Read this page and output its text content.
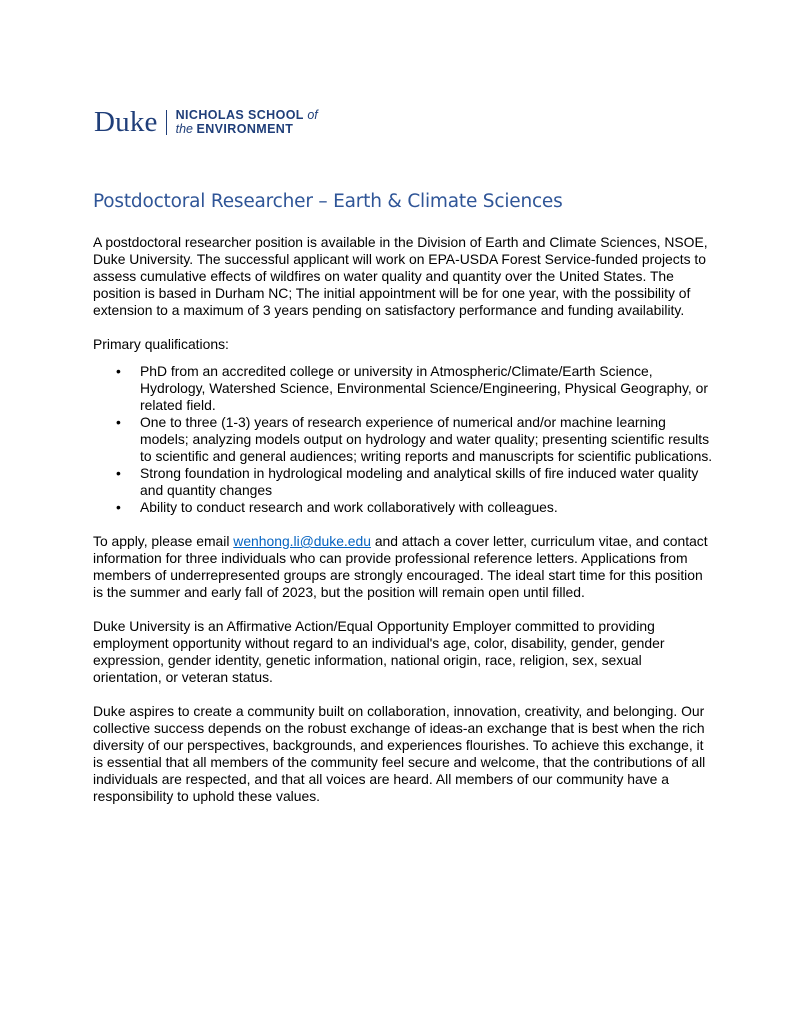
Duke NICHOLAS SCHOOL of
the ENVIRONMENT
Postdoctoral Researcher – Earth & Climate Sciences

A postdoctoral researcher position is available in the Division of Earth and Climate Sciences, NSOE, Duke University. The successful applicant will work on EPA-USDA Forest Service-funded projects to assess cumulative effects of wildfires on water quality and quantity over the United States. The position is based in Durham NC; The initial appointment will be for one year, with the possibility of extension to a maximum of 3 years pending on satisfactory performance and funding availability.

Primary qualifications:

• PhD from an accredited college or university in Atmospheric/Climate/Earth Science, Hydrology, Watershed Science, Environmental Science/Engineering, Physical Geography, or related field.
• One to three (1-3) years of research experience of numerical and/or machine learning models; analyzing models output on hydrology and water quality; presenting scientific results to scientific and general audiences; writing reports and manuscripts for scientific publications.
• Strong foundation in hydrological modeling and analytical skills of fire induced water quality and quantity changes
• Ability to conduct research and work collaboratively with colleagues.

To apply, please email wenhong.li@duke.edu and attach a cover letter, curriculum vitae, and contact information for three individuals who can provide professional reference letters. Applications from members of underrepresented groups are strongly encouraged. The ideal start time for this position is the summer and early fall of 2023, but the position will remain open until filled.

Duke University is an Affirmative Action/Equal Opportunity Employer committed to providing employment opportunity without regard to an individual's age, color, disability, gender, gender expression, gender identity, genetic information, national origin, race, religion, sex, sexual orientation, or veteran status.

Duke aspires to create a community built on collaboration, innovation, creativity, and belonging. Our collective success depends on the robust exchange of ideas-an exchange that is best when the rich diversity of our perspectives, backgrounds, and experiences flourishes. To achieve this exchange, it is essential that all members of the community feel secure and welcome, that the contributions of all individuals are respected, and that all voices are heard. All members of our community have a responsibility to uphold these values.
